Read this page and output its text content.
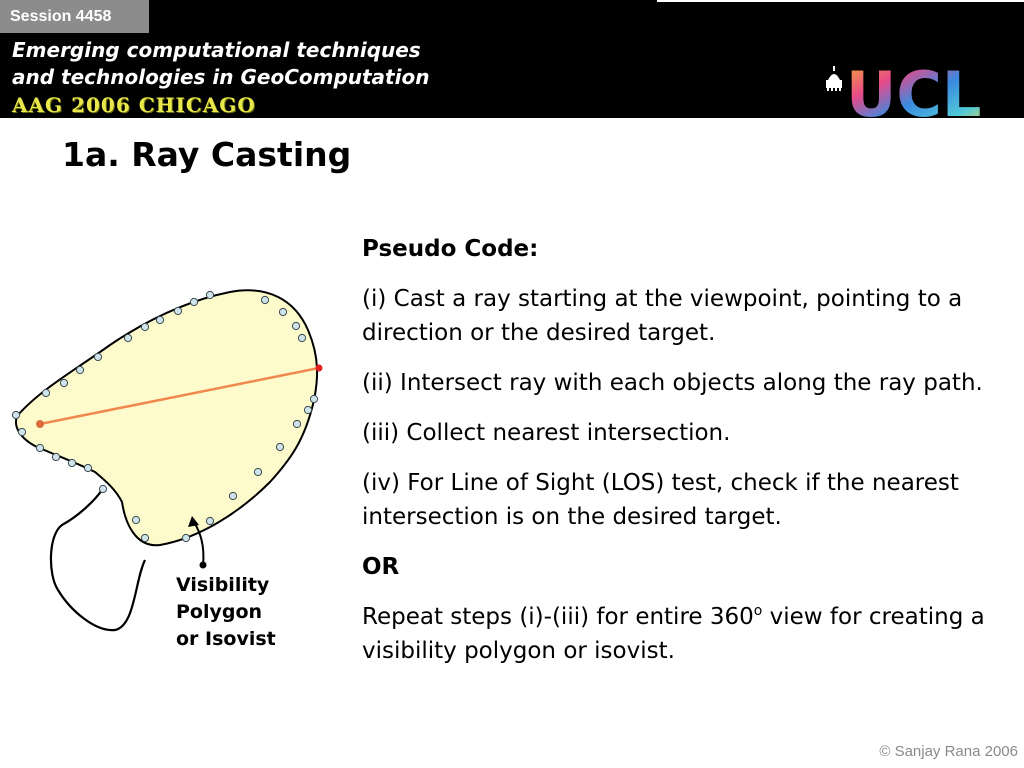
Session 4458
Emerging computational techniques
and technologies in GeoComputation
AAG 2006 CHICAGO	UCL
1a. Ray Casting
Visibility
Polygon
or Isovist

Pseudo Code:

(i) Cast a ray starting at the viewpoint, pointing to a direction or the desired target.

(ii) Intersect ray with each objects along the ray path.

(iii) Collect nearest intersection.

(iv) For Line of Sight (LOS) test, check if the nearest intersection is on the desired target.

OR

Repeat steps (i)-(iii) for entire 360$^o$ view for creating a visibility polygon or isovist.

© Sanjay Rana 2006
